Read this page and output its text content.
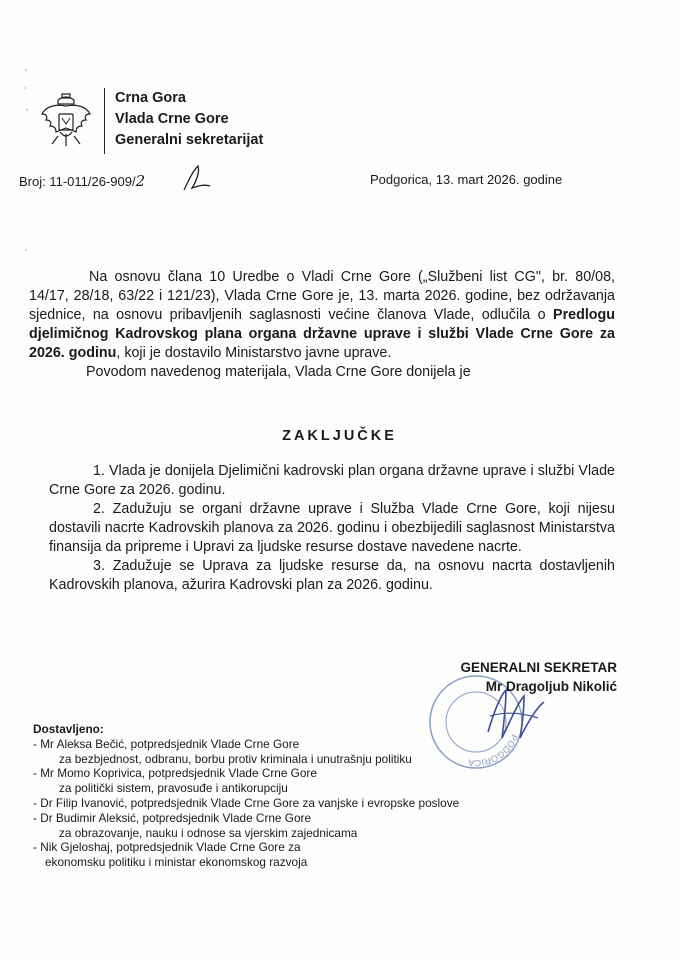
Crna Gora
Vlada Crne Gore
Generalni sekretarijat
Broj: 11-011/26-909/2	Podgorica, 13. mart 2026. godine

Na osnovu člana 10 Uredbe o Vladi Crne Gore („Službeni list CG", br. 80/08, 14/17, 28/18, 63/22 i 121/23), Vlada Crne Gore je, 13. marta 2026. godine, bez održavanja sjednice, na osnovu pribavljenih saglasnosti većine članova Vlade, odlučila o Predlogu djelimičnog Kadrovskog plana organa državne uprave i službi Vlade Crne Gore za 2026. godinu, koji je dostavilo Ministarstvo javne uprave.

Povodom navedenog materijala, Vlada Crne Gore donijela je

ZAKLJUČKE

1. Vlada je donijela Djelimični kadrovski plan organa državne uprave i službi Vlade Crne Gore za 2026. godinu.

2. Zadužuju se organi državne uprave i Služba Vlade Crne Gore, koji nijesu dostavili nacrte Kadrovskih planova za 2026. godinu i obezbijedili saglasnost Ministarstva finansija da pripreme i Upravi za ljudske resurse dostave navedene nacrte.

3. Zadužuje se Uprava za ljudske resurse da, na osnovu nacrta dostavljenih Kadrovskih planova, ažurira Kadrovski plan za 2026. godinu.

PODGORICA
GENERALNI SEKRETAR
Mr Dragoljub Nikolić
Dostavljeno:
- Mr Aleksa Bečić, potpredsjednik Vlade Crne Gore
za bezbjednost, odbranu, borbu protiv kriminala i unutrašnju politiku
- Mr Momo Koprivica, potpredsjednik Vlade Crne Gore
za politički sistem, pravosuđe i antikorupciju
- Dr Filip Ivanović, potpredsjednik Vlade Crne Gore za vanjske i evropske poslove
- Dr Budimir Aleksić, potpredsjednik Vlade Crne Gore
za obrazovanje, nauku i odnose sa vjerskim zajednicama
- Nik Gjeloshaj, potpredsjednik Vlade Crne Gore za
ekonomsku politiku i ministar ekonomskog razvoja
